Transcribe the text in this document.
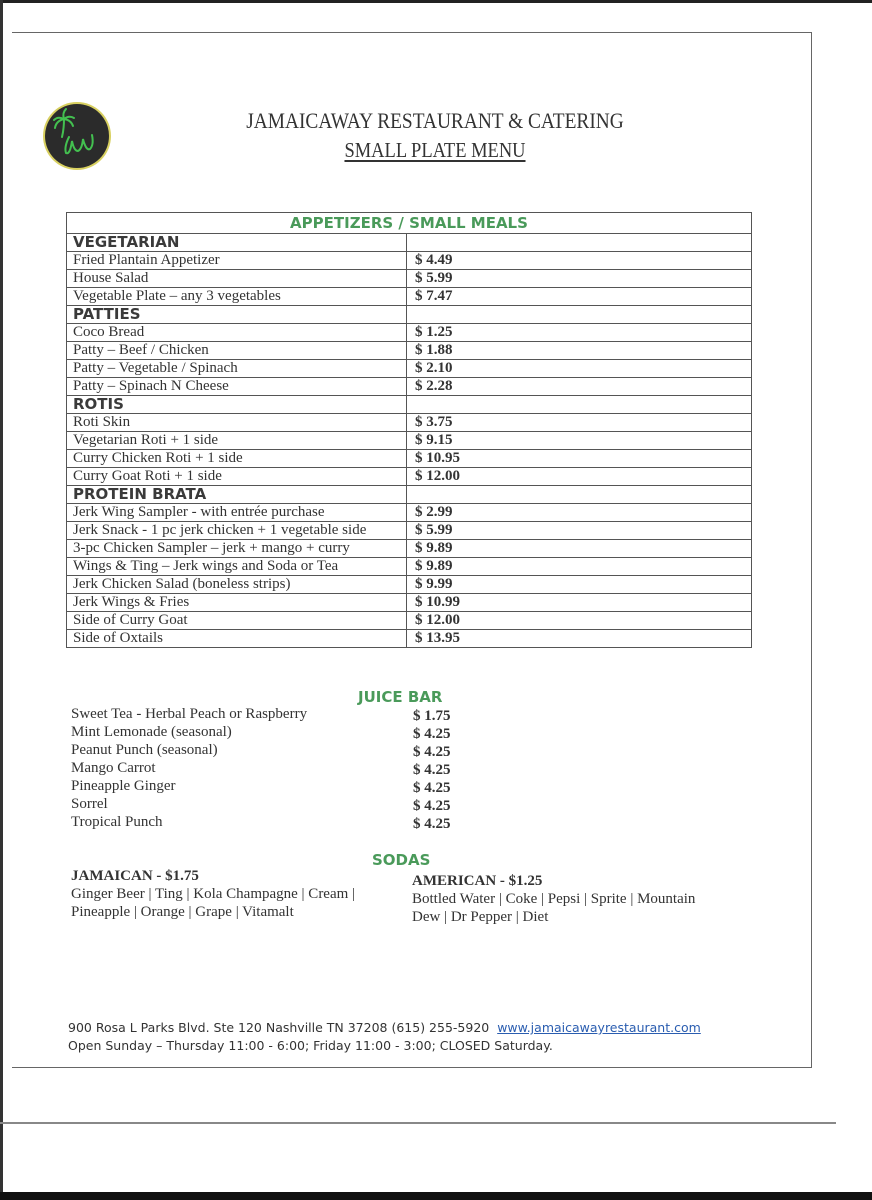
JW
JAMAICAWAY RESTAURANT & CATERING
SMALL PLATE MENU
APPETIZERS / SMALL MEALS	
VEGETARIAN	
Fried Plantain Appetizer	$ 4.49
House Salad	$ 5.99
Vegetable Plate – any 3 vegetables	$ 7.47
PATTIES	
Coco Bread	$ 1.25
Patty – Beef / Chicken	$ 1.88
Patty – Vegetable / Spinach	$ 2.10
Patty – Spinach N Cheese	$ 2.28
ROTIS	
Roti Skin	$ 3.75
Vegetarian Roti + 1 side	$ 9.15
Curry Chicken Roti + 1 side	$ 10.95
Curry Goat Roti + 1 side	$ 12.00
PROTEIN BRATA	
Jerk Wing Sampler - with entrée purchase	$ 2.99
Jerk Snack - 1 pc jerk chicken + 1 vegetable side	$ 5.99
3-pc Chicken Sampler – jerk + mango + curry	$ 9.89
Wings & Ting – Jerk wings and Soda or Tea	$ 9.89
Jerk Chicken Salad (boneless strips)	$ 9.99
Jerk Wings & Fries	$ 10.99
Side of Curry Goat	$ 12.00
Side of Oxtails	$ 13.95
JUICE BAR
Sweet Tea - Herbal Peach or Raspberry	$ 1.75
Mint Lemonade (seasonal)	$ 4.25
Peanut Punch (seasonal)	$ 4.25
Mango Carrot	$ 4.25
Pineapple Ginger	$ 4.25
Sorrel	$ 4.25
Tropical Punch	$ 4.25
SODAS
JAMAICAN - $1.75
Ginger Beer | Ting | Kola Champagne | Cream |
Pineapple | Orange | Grape | Vitamalt
AMERICAN - $1.25
Bottled Water | Coke | Pepsi | Sprite | Mountain
Dew | Dr Pepper | Diet
900 Rosa L Parks Blvd. Ste 120 Nashville TN 37208 (615) 255-5920 www.jamaicawayrestaurant.com
Open Sunday – Thursday 11:00 - 6:00; Friday 11:00 - 3:00; CLOSED Saturday.
